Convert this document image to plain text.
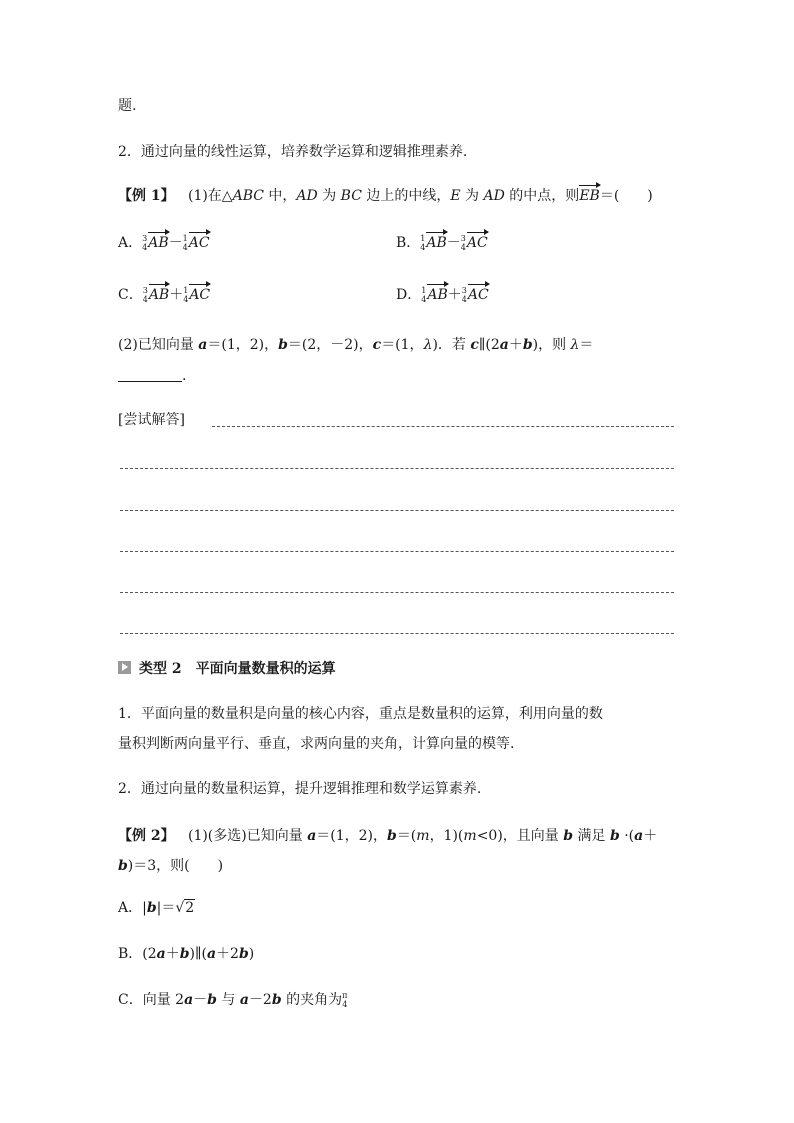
题.
2．通过向量的线性运算，培养数学运算和逻辑推理素养.
【例 1】   (1)在△ABC 中，AD 为 BC 边上的中线，E 为 AD 的中点，则EB＝(　　)
A． 3
4 AB－ 1
4 AC	B． 1
4 AB－ 3
4 AC
C． 3
4 AB＋ 1
4 AC	D． 1
4 AB＋ 3
4 AC
(2)已知向量 a＝(1，2)，b＝(2，－2)，c＝(1，λ)．若 c∥(2a＋b)，则 λ＝
.
[尝试解答]
类型 2　平面向量数量积的运算
1．平面向量的数量积是向量的核心内容，重点是数量积的运算，利用向量的数
量积判断两向量平行、垂直，求两向量的夹角，计算向量的模等.
2．通过向量的数量积运算，提升逻辑推理和数学运算素养.
【例 2】   (1)(多选)已知向量 a＝(1，2)，b＝(m，1)(m<0)，且向量 b 满足 b ·(a＋
b)＝3，则(　　)
A．|b|＝√2
B．(2a＋b)∥(a＋2b)
C．向量 2a－b 与 a－2b 的夹角为 π
4
